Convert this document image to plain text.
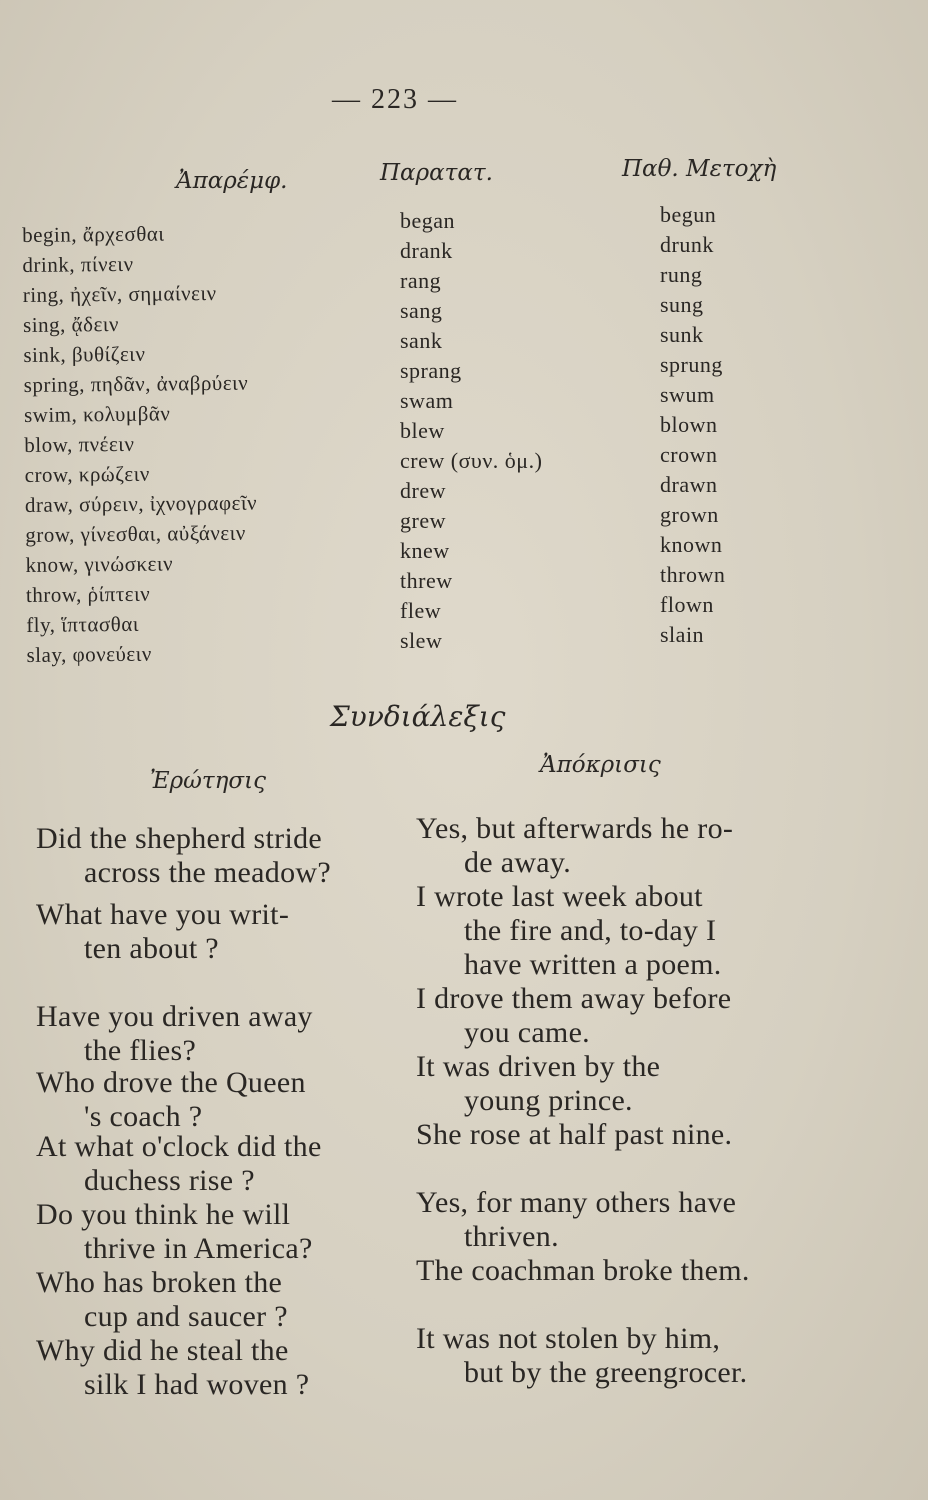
— 223 —
Ἀπαρέμφ.	Παρατατ.	Παθ. Μετοχὴ
begin, ἄρχεσθαι
drink, πίνειν
ring, ἠχεῖν, σημαίνειν
sing, ᾄδειν
sink, βυθίζειν
spring, πηδᾶν, ἀναβρύειν
swim, κολυμβᾶν
blow, πνέειν
crow, κρώζειν
draw, σύρειν, ἰχνογραφεῖν
grow, γίνεσθαι, αὐξάνειν
know, γινώσκειν
throw, ῥίπτειν
fly, ἵπτασθαι
slay, φονεύειν
began
drank
rang
sang
sank
sprang
swam
blew
crew (συν. ὁμ.)
drew
grew
knew
threw
flew
slew
begun
drunk
rung
sung
sunk
sprung
swum
blown
crown
drawn
grown
known
thrown
flown
slain
Συνδιάλεξις
Ἐρώτησις
Ἀπόκρισις
Did the shepherd stride
across the meadow?
What have you writ-
ten about ?
Have you driven away
the flies?
Who drove the Queen
's coach ?
At what o'clock did the
duchess rise ?
Do you think he will
thrive in America?
Who has broken the
cup and saucer ?
Why did he steal the
silk I had woven ?
Yes, but afterwards he ro-
de away.
I wrote last week about
the fire and, to-day I
have written a poem.
I drove them away before
you came.
It was driven by the
young prince.
She rose at half past nine.
Yes, for many others have
thriven.
The coachman broke them.
It was not stolen by him,
but by the greengrocer.
